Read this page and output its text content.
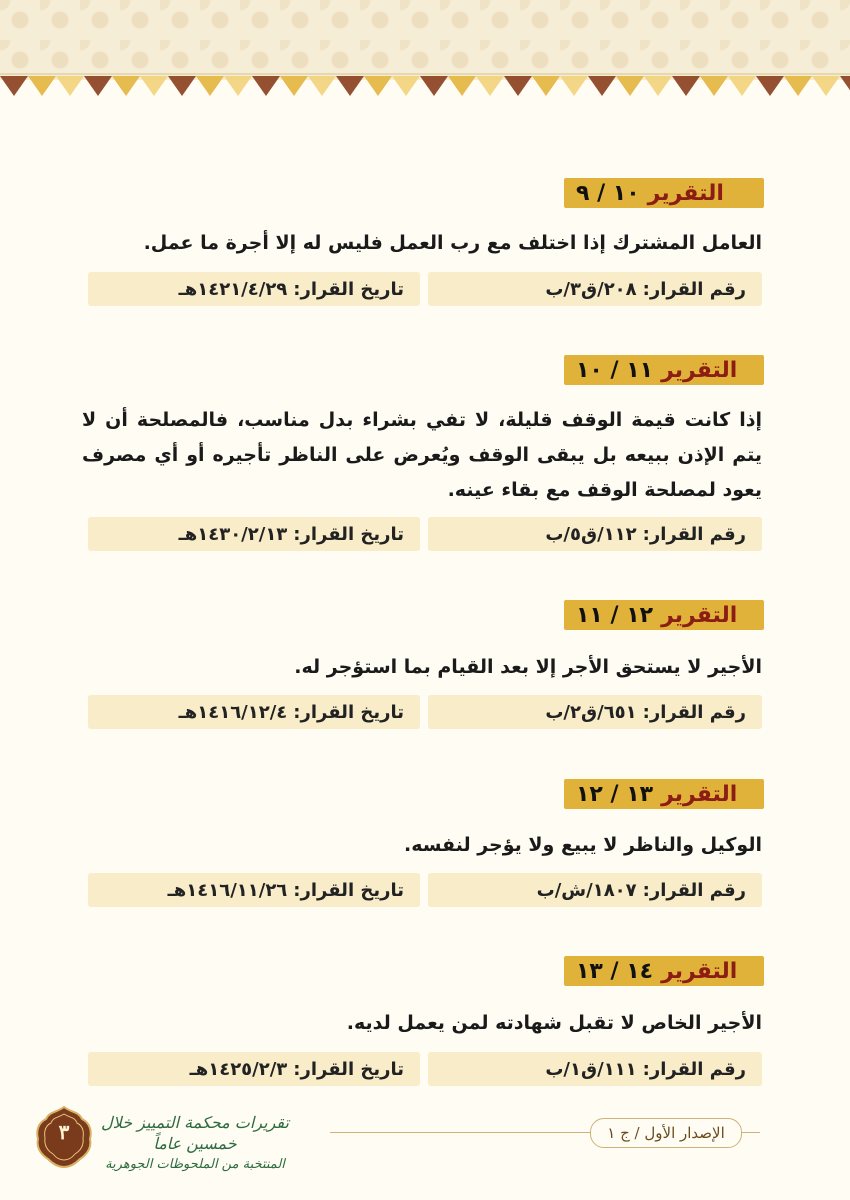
التقرير
١٠ / ٩
العامل المشترك إذا اختلف مع رب العمل فليس له إلا أجرة ما عمل.
رقم القرار:
٢٠٨/ق٣/ب
تاريخ القرار:
١٤٢١/٤/٢٩هـ
التقرير
١١ / ١٠
إذا كانت قيمة الوقف قليلة، لا تفي بشراء بدل مناسب، فالمصلحة أن لا يتم الإذن ببيعه بل يبقى الوقف ويُعرض على الناظر تأجيره أو أي مصرف يعود لمصلحة الوقف مع بقاء عينه.
رقم القرار:
١١٢/ق٥/ب
تاريخ القرار:
١٤٣٠/٢/١٣هـ
التقرير
١٢ / ١١
الأجير لا يستحق الأجر إلا بعد القيام بما استؤجر له.
رقم القرار:
٦٥١/ق٢/ب
تاريخ القرار:
١٤١٦/١٢/٤هـ
التقرير
١٣ / ١٢
الوكيل والناظر لا يبيع ولا يؤجر لنفسه.
رقم القرار:
١٨٠٧/ش/ب
تاريخ القرار:
١٤١٦/١١/٢٦هـ
التقرير
١٤ / ١٣
الأجير الخاص لا تقبل شهادته لمن يعمل لديه.
رقم القرار:
١١١/ق١/ب
تاريخ القرار:
١٤٢٥/٢/٣هـ
الإصدار الأول / ج ١
تقريرات محكمة التمييز خلال خمسين عاماً
المنتخبة من الملحوظات الجوهرية
٣
